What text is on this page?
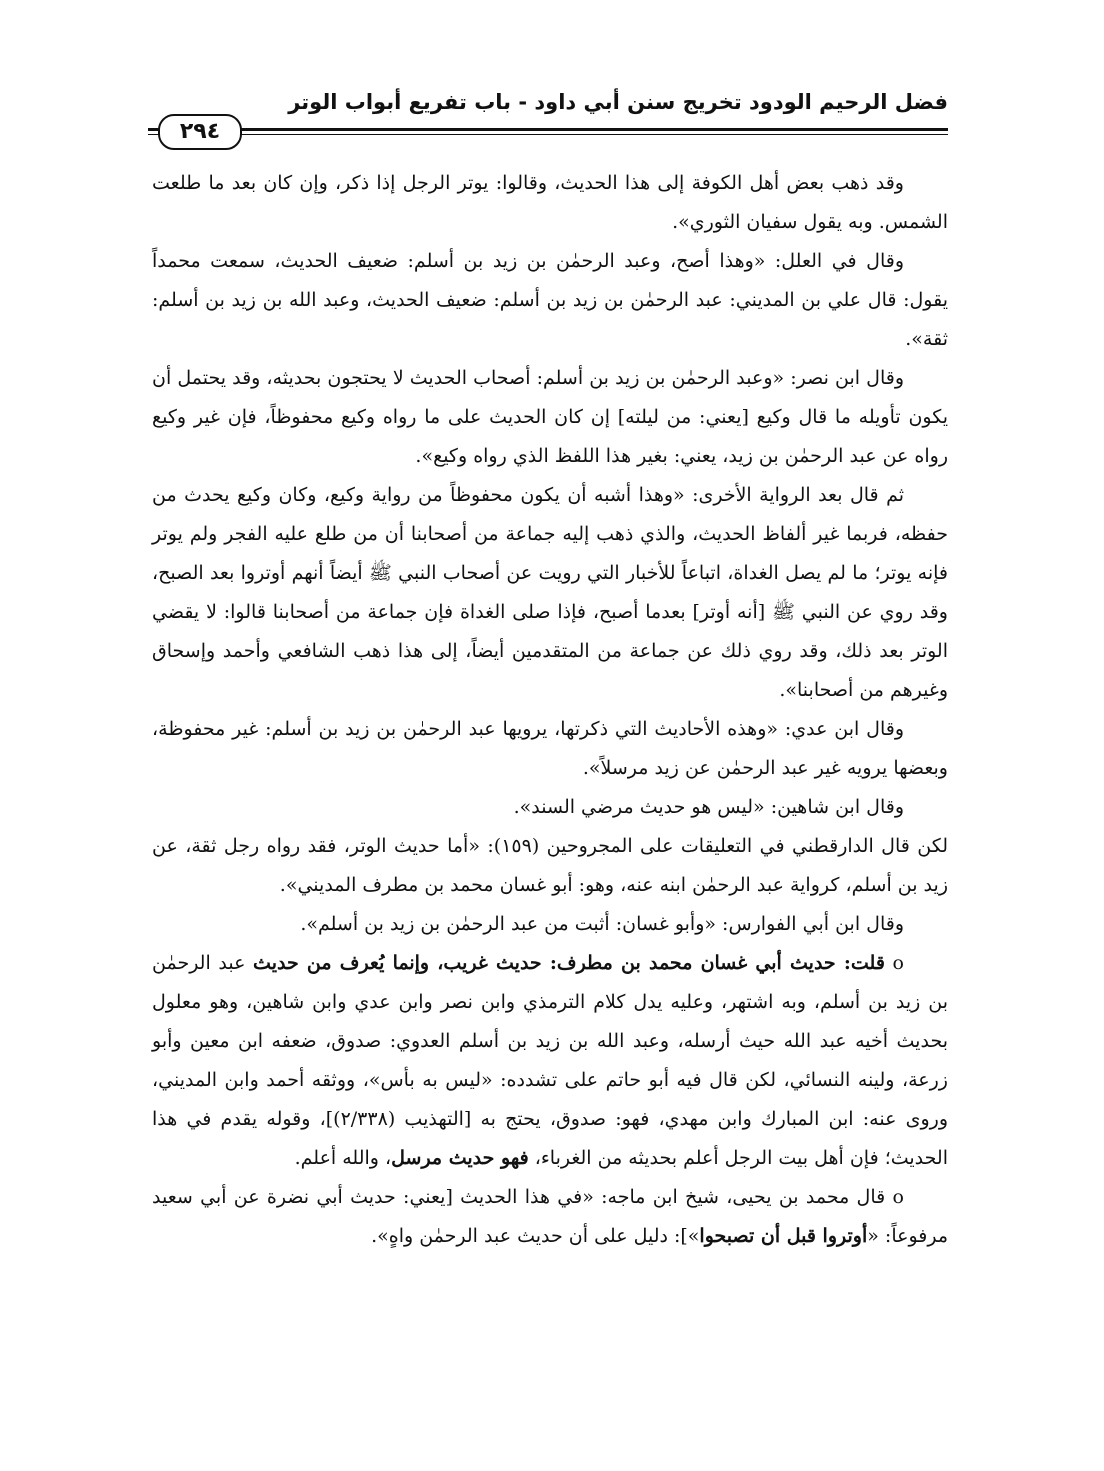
فضل الرحيم الودود تخريج سنن أبي داود - باب تفريع أبواب الوتر
٢٩٤

وقد ذهب بعض أهل الكوفة إلى هذا الحديث، وقالوا: يوتر الرجل إذا ذكر، وإن كان بعد ما طلعت الشمس. وبه يقول سفيان الثوري».

وقال في العلل: «وهذا أصح، وعبد الرحمٰن بن زيد بن أسلم: ضعيف الحديث، سمعت محمداً يقول: قال علي بن المديني: عبد الرحمٰن بن زيد بن أسلم: ضعيف الحديث، وعبد الله بن زيد بن أسلم: ثقة».

وقال ابن نصر: «وعبد الرحمٰن بن زيد بن أسلم: أصحاب الحديث لا يحتجون بحديثه، وقد يحتمل أن يكون تأويله ما قال وكيع [يعني: من ليلته] إن كان الحديث على ما رواه وكيع محفوظاً، فإن غير وكيع رواه عن عبد الرحمٰن بن زيد، يعني: بغير هذا اللفظ الذي رواه وكيع».

ثم قال بعد الرواية الأخرى: «وهذا أشبه أن يكون محفوظاً من رواية وكيع، وكان وكيع يحدث من حفظه، فربما غير ألفاظ الحديث، والذي ذهب إليه جماعة من أصحابنا أن من طلع عليه الفجر ولم يوتر فإنه يوتر؛ ما لم يصل الغداة، اتباعاً للأخبار التي رويت عن أصحاب النبي ﷺ أيضاً أنهم أوتروا بعد الصبح، وقد روي عن النبي ﷺ [أنه أوتر] بعدما أصبح، فإذا صلى الغداة فإن جماعة من أصحابنا قالوا: لا يقضي الوتر بعد ذلك، وقد روي ذلك عن جماعة من المتقدمين أيضاً، إلى هذا ذهب الشافعي وأحمد وإسحاق وغيرهم من أصحابنا».

وقال ابن عدي: «وهذه الأحاديث التي ذكرتها، يرويها عبد الرحمٰن بن زيد بن أسلم: غير محفوظة، وبعضها يرويه غير عبد الرحمٰن عن زيد مرسلاً».

وقال ابن شاهين: «ليس هو حديث مرضي السند».

لكن قال الدارقطني في التعليقات على المجروحين (١٥٩): «أما حديث الوتر، فقد رواه رجل ثقة، عن زيد بن أسلم، كرواية عبد الرحمٰن ابنه عنه، وهو: أبو غسان محمد بن مطرف المديني».

وقال ابن أبي الفوارس: «وأبو غسان: أثبت من عبد الرحمٰن بن زيد بن أسلم».

o قلت: حديث أبي غسان محمد بن مطرف: حديث غريب، وإنما يُعرف من حديث عبد الرحمٰن بن زيد بن أسلم، وبه اشتهر، وعليه يدل كلام الترمذي وابن نصر وابن عدي وابن شاهين، وهو معلول بحديث أخيه عبد الله حيث أرسله، وعبد الله بن زيد بن أسلم العدوي: صدوق، ضعفه ابن معين وأبو زرعة، ولينه النسائي، لكن قال فيه أبو حاتم على تشدده: «ليس به بأس»، ووثقه أحمد وابن المديني، وروى عنه: ابن المبارك وابن مهدي، فهو: صدوق، يحتج به [التهذيب (٢/٣٣٨)]، وقوله يقدم في هذا الحديث؛ فإن أهل بيت الرجل أعلم بحديثه من الغرباء، فهو حديث مرسل، والله أعلم.

o قال محمد بن يحيى، شيخ ابن ماجه: «في هذا الحديث [يعني: حديث أبي نضرة عن أبي سعيد مرفوعاً: «أوتروا قبل أن تصبحوا»]: دليل على أن حديث عبد الرحمٰن واهٍ».
